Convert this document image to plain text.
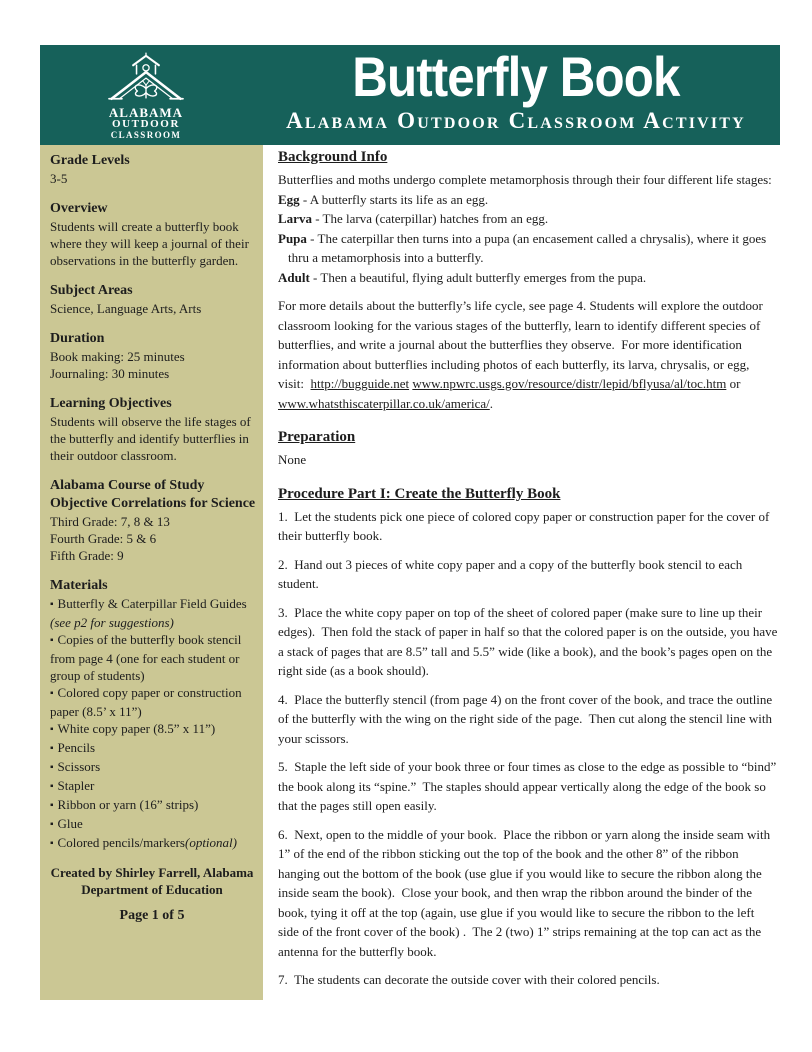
ALABAMA
OUTDOOR
CLASSROOM
Butterfly Book
Alabama Outdoor Classroom Activity
Grade Levels
3-5
Overview
Students will create a butterfly book where they will keep a journal of their observations in the butterfly garden.
Subject Areas
Science, Language Arts, Arts
Duration
Book making: 25 minutes
Journaling: 30 minutes
Learning Objectives
Students will observe the life stages of the butterfly and identify butterflies in their outdoor classroom.
Alabama Course of Study Objective Correlations for Science
Third Grade: 7, 8 & 13
Fourth Grade: 5 & 6
Fifth Grade: 9
Materials
▪ Butterfly & Caterpillar Field Guides (see p2 for suggestions)
▪ Copies of the butterfly book stencil from page 4 (one for each student or group of students)
▪ Colored copy paper or construction paper (8.5’ x 11”)
▪ White copy paper (8.5” x 11”)
▪ Pencils
▪ Scissors
▪ Stapler
▪ Ribbon or yarn (16” strips)
▪ Glue
▪ Colored pencils/markers(optional)
Created by Shirley Farrell, Alabama Department of Education
Page 1 of 5
Background Info

Butterflies and moths undergo complete metamorphosis through their four different life stages:

Egg - A butterfly starts its life as an egg.
Larva - The larva (caterpillar) hatches from an egg.
Pupa - The caterpillar then turns into a pupa (an encasement called a chrysalis), where it goes thru a metamorphosis into a butterfly.
Adult - Then a beautiful, flying adult butterfly emerges from the pupa.

For more details about the butterfly’s life cycle, see page 4. Students will explore the outdoor classroom looking for the various stages of the butterfly, learn to identify different species of butterflies, and write a journal about the butterflies they observe.  For more identification information about butterflies including photos of each butterfly, its larva, chrysalis, or egg, visit:  http://bugguide.net www.npwrc.usgs.gov/resource/distr/lepid/bflyusa/al/toc.htm or www.whatsthiscaterpillar.co.uk/america/.

Preparation

None

Procedure Part I: Create the Butterfly Book

1.  Let the students pick one piece of colored copy paper or construction paper for the cover of their butterfly book.

2.  Hand out 3 pieces of white copy paper and a copy of the butterfly book stencil to each student.

3.  Place the white copy paper on top of the sheet of colored paper (make sure to line up their edges).  Then fold the stack of paper in half so that the colored paper is on the outside, you have a stack of pages that are 8.5” tall and 5.5” wide (like a book), and the book’s pages open on the right side (as a book should).

4.  Place the butterfly stencil (from page 4) on the front cover of the book, and trace the outline of the butterfly with the wing on the right side of the page.  Then cut along the stencil line with your scissors.

5.  Staple the left side of your book three or four times as close to the edge as possible to “bind” the book along its “spine.”  The staples should appear vertically along the edge of the book so that the pages still open easily.

6.  Next, open to the middle of your book.  Place the ribbon or yarn along the inside seam with 1” of the end of the ribbon sticking out the top of the book and the other 8” of the ribbon hanging out the bottom of the book (use glue if you would like to secure the ribbon along the inside seam the book).  Close your book, and then wrap the ribbon around the binder of the book, tying it off at the top (again, use glue if you would like to secure the ribbon to the left side of the front cover of the book) .  The 2 (two) 1” strips remaining at the top can act as the antenna for the butterfly book.

7.  The students can decorate the outside cover with their colored pencils.
